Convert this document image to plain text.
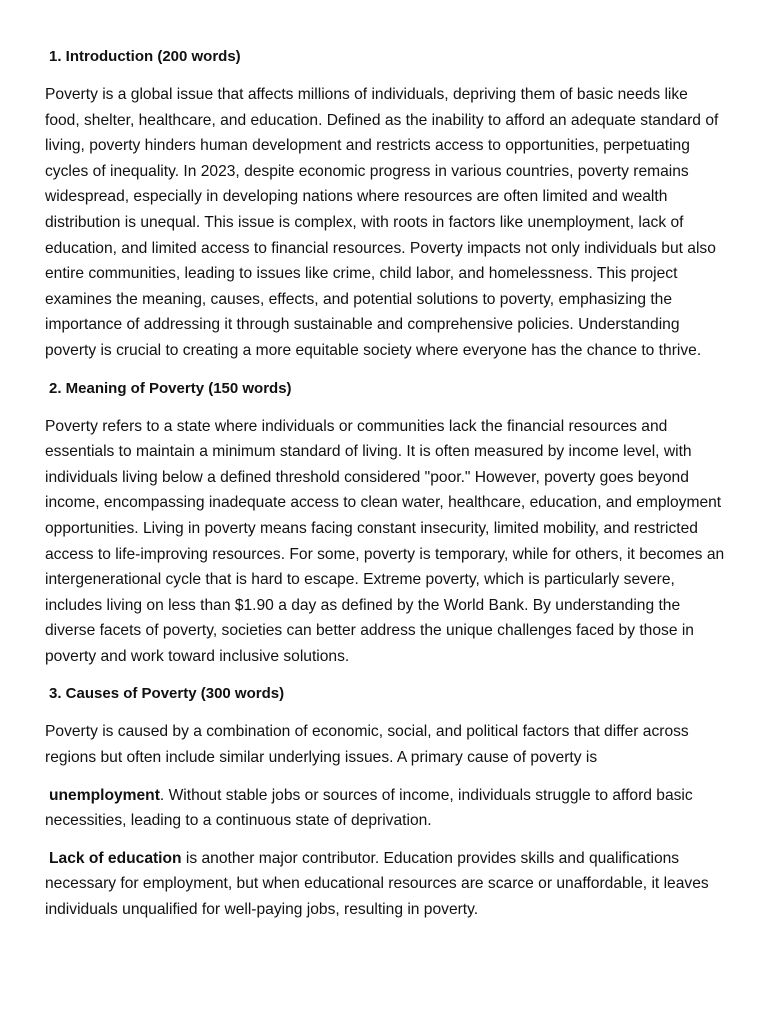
1. Introduction (200 words)

Poverty is a global issue that affects millions of individuals, depriving them of basic needs like food, shelter, healthcare, and education. Defined as the inability to afford an adequate standard of living, poverty hinders human development and restricts access to opportunities, perpetuating cycles of inequality. In 2023, despite economic progress in various countries, poverty remains widespread, especially in developing nations where resources are often limited and wealth distribution is unequal. This issue is complex, with roots in factors like unemployment, lack of education, and limited access to financial resources. Poverty impacts not only individuals but also entire communities, leading to issues like crime, child labor, and homelessness. This project examines the meaning, causes, effects, and potential solutions to poverty, emphasizing the importance of addressing it through sustainable and comprehensive policies. Understanding poverty is crucial to creating a more equitable society where everyone has the chance to thrive.

2. Meaning of Poverty (150 words)

Poverty refers to a state where individuals or communities lack the financial resources and essentials to maintain a minimum standard of living. It is often measured by income level, with individuals living below a defined threshold considered "poor." However, poverty goes beyond income, encompassing inadequate access to clean water, healthcare, education, and employment opportunities. Living in poverty means facing constant insecurity, limited mobility, and restricted access to life-improving resources. For some, poverty is temporary, while for others, it becomes an intergenerational cycle that is hard to escape. Extreme poverty, which is particularly severe, includes living on less than $1.90 a day as defined by the World Bank. By understanding the diverse facets of poverty, societies can better address the unique challenges faced by those in poverty and work toward inclusive solutions.

3. Causes of Poverty (300 words)

Poverty is caused by a combination of economic, social, and political factors that differ across regions but often include similar underlying issues. A primary cause of poverty is

unemployment. Without stable jobs or sources of income, individuals struggle to afford basic necessities, leading to a continuous state of deprivation.

Lack of education is another major contributor. Education provides skills and qualifications necessary for employment, but when educational resources are scarce or unaffordable, it leaves individuals unqualified for well-paying jobs, resulting in poverty.
